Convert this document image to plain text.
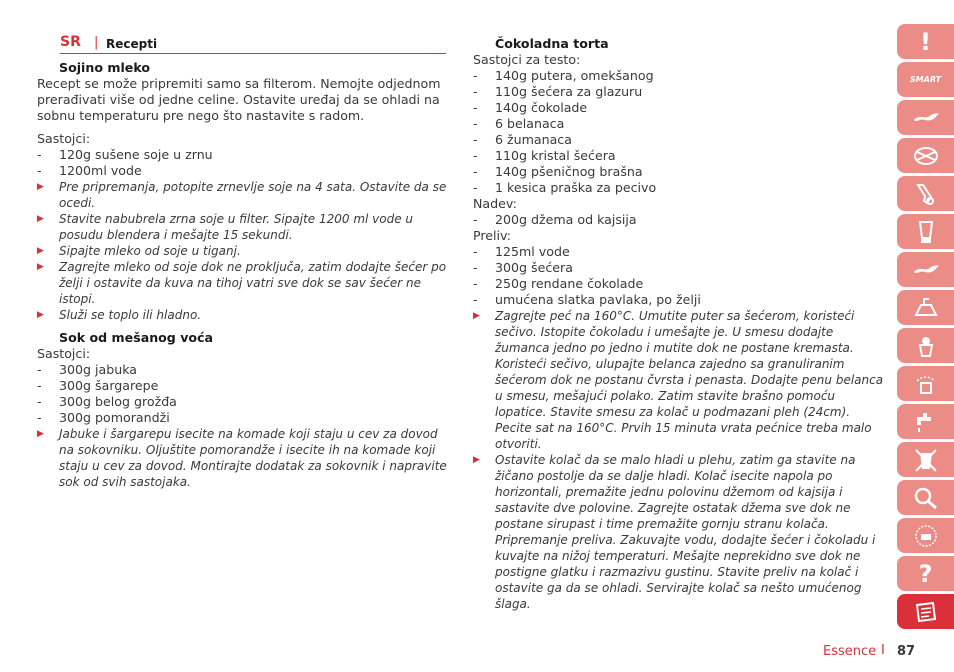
SR | Recepti
Sojino mleko

Recept se može pripremiti samo sa filterom. Nemojte odjednom prerađivati više od jedne celine. Ostavite uređaj da se ohladi na sobnu temperaturu pre nego što nastavite s radom.

Sastojci:
- 120g sušene soje u zrnu
- 1200ml vode
▶ Pre pripremanja, potopite zrnevlje soje na 4 sata. Ostavite da se ocedi.
▶ Stavite nabubrela zrna soje u filter. Sipajte 1200 ml vode u posudu blendera i mešajte 15 sekundi.
▶ Sipajte mleko od soje u tiganj.
▶ Zagrejte mleko od soje dok ne proključa, zatim dodajte šećer po želji i ostavite da kuva na tihoj vatri sve dok se sav šećer ne istopi.
▶ Služi se toplo ili hladno.
Sok od mešanog voća
Sastojci:
- 300g jabuka
- 300g šargarepe
- 300g belog grožđa
- 300g pomorandži
▶ Jabuke i šargarepu isecite na komade koji staju u cev za dovod na sokovniku. Oljuštite pomorandže i isecite ih na komade koji staju u cev za dovod. Montirajte dodatak za sokovnik i napravite sok od svih sastojaka.
Čokoladna torta
Sastojci za testo:
- 140g putera, omekšanog
- 110g šećera za glazuru
- 140g čokolade
- 6 belanaca
- 6 žumanaca
- 110g kristal šećera
- 140g pšeničnog brašna
- 1 kesica praška za pecivo
Nadev:
- 200g džema od kajsija
Preliv:
- 125ml vode
- 300g šećera
- 250g rendane čokolade
- umućena slatka pavlaka, po želji
▶ Zagrejte peć na 160°C. Umutite puter sa šećerom, koristeći sečivo. Istopite čokoladu i umešajte je. U smesu dodajte žumanca jedno po jedno i mutite dok ne postane kremasta. Koristeći sečivo, ulupajte belanca zajedno sa granuliranim šećerom dok ne postanu čvrsta i penasta. Dodajte penu belanca u smesu, mešajući polako. Zatim stavite brašno pomoću lopatice. Stavite smesu za kolač u podmazani pleh (24cm). Pecite sat na 160°C. Prvih 15 minuta vrata pećnice treba malo otvoriti.
▶ Ostavite kolač da se malo hladi u plehu, zatim ga stavite na žičano postolje da se dalje hladi. Kolač isecite napola po horizontali, premažite jednu polovinu džemom od kajsija i sastavite dve polovine. Zagrejte ostatak džema sve dok ne postane sirupast i time premažite gornju stranu kolača. Pripremanje preliva. Zakuvajte vodu, dodajte šećer i čokoladu i kuvajte na nižoj temperaturi. Mešajte neprekidno sve dok ne postigne glatku i razmazivu gustinu. Stavite preliv na kolač i ostavite ga da se ohladi. Servirajte kolač sa nešto umućenog šlaga.
!
SMART
?
Essence I 87
